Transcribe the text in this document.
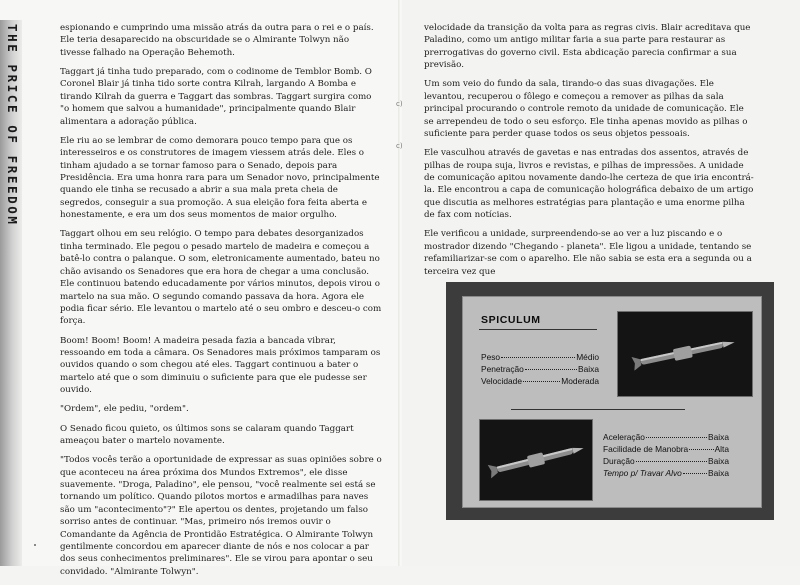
THE PRICE OF FREEDOM	espionando e cumprindo uma missão atrás da outra para o rei e o país. Ele teria desaparecido na obscuridade se o Almirante Tolwyn não tivesse falhado na Operação Behemoth.

Taggart já tinha tudo preparado, com o codinome de Temblor Bomb. O Coronel Blair já tinha tido sorte contra Kilrah, largando A Bomba e tirando Kilrah da guerra e Taggart das sombras. Taggart surgira como "o homem que salvou a humanidade", principalmente quando Blair alimentara a adoração pública.

Ele riu ao se lembrar de como demorara pouco tempo para que os interesseiros e os construtores de imagem viessem atrás dele. Eles o tinham ajudado a se tornar famoso para o Senado, depois para Presidência. Era uma honra rara para um Senador novo, principalmente quando ele tinha se recusado a abrir a sua mala preta cheia de segredos, conseguir a sua promoção. A sua eleição fora feita aberta e honestamente, e era um dos seus momentos de maior orgulho.

Taggart olhou em seu relógio. O tempo para debates desorganizados tinha terminado. Ele pegou o pesado martelo de madeira e começou a batê-lo contra o palanque. O som, eletronicamente aumentado, bateu no chão avisando os Senadores que era hora de chegar a uma conclusão. Ele continuou batendo educadamente por vários minutos, depois virou o martelo na sua mão. O segundo comando passava da hora. Agora ele podia ficar sério. Ele levantou o martelo até o seu ombro e desceu-o com força.

Boom! Boom! Boom! A madeira pesada fazia a bancada vibrar, ressoando em toda a câmara. Os Senadores mais próximos tamparam os ouvidos quando o som chegou até eles. Taggart continuou a bater o martelo até que o som diminuiu o suficiente para que ele pudesse ser ouvido.

"Ordem", ele pediu, "ordem".

O Senado ficou quieto, os últimos sons se calaram quando Taggart ameaçou bater o martelo novamente.

"Todos vocês terão a oportunidade de expressar as suas opiniões sobre o que aconteceu na área próxima dos Mundos Extremos", ele disse suavemente. "Droga, Paladino", ele pensou, "você realmente sei está se tornando um político. Quando pilotos mortos e armadilhas para naves são um "acontecimento"?" Ele apertou os dentes, projetando um falso sorriso antes de continuar. "Mas, primeiro nós iremos ouvir o Comandante da Agência de Prontidão Estratégica. O Almirante Tolwyn gentilmente concordou em aparecer diante de nós e nos colocar a par dos seus conhecimentos preliminares". Ele se virou para apontar o seu convidado. "Almirante Tolwyn".

velocidade da transição da volta para as regras civis. Blair acreditava que Paladino, como um antigo militar faria a sua parte para restaurar as prerrogativas do governo civil. Esta abdicação parecia confirmar a sua previsão.

Um som veio do fundo da sala, tirando-o das suas divagações. Ele levantou, recuperou o fôlego e começou a remover as pilhas da sala principal procurando o controle remoto da unidade de comunicação. Ele se arrependeu de todo o seu esforço. Ele tinha apenas movido as pilhas o suficiente para perder quase todos os seus objetos pessoais.

Ele vasculhou através de gavetas e nas entradas dos assentos, através de pilhas de roupa suja, livros e revistas, e pilhas de impressões. A unidade de comunicação apitou novamente dando-lhe certeza de que iria encontrá-la. Ele encontrou a capa de comunicação holográfica debaixo de um artigo que discutia as melhores estratégias para plantação e uma enorme pilha de fax com notícias.

Ele verificou a unidade, surpreendendo-se ao ver a luz piscando e o mostrador dizendo "Chegando - planeta". Ele ligou a unidade, tentando se refamiliarizar-se com o aparelho. Ele não sabia se esta era a segunda ou a terceira vez que

c)
c)
SPICULUM
Peso	Médio
Penetração	Baixa
Velocidade	Moderada
Aceleração	Baixa
Facilidade de Manobra	Alta
Duração	Baixa
Tempo p/ Travar Alvo	Baixa
